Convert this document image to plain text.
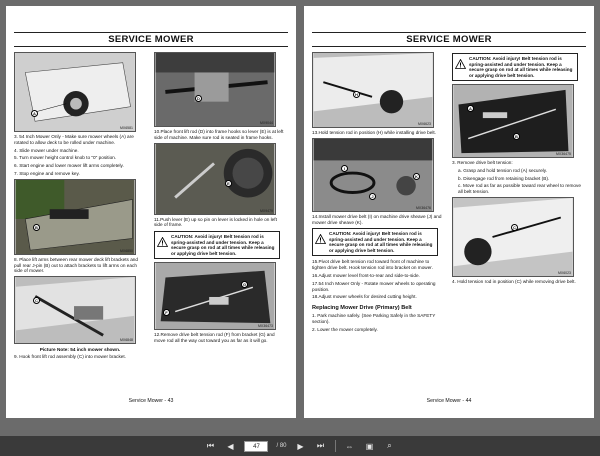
SERVICE MOWER
A
MX6581

3. 54 Inch Mower Only - Make sure mower wheels (A) are rotated to allow deck to be rolled under machine.

4. Slide mower under machine.

5. Turn mower height control knob to "0" position.

6. Start engine and lower mower lift arms completely.

7. Stop engine and remove key.

B
MX6850

8. Place lift arms between rear mower deck lift brackets and pull rear J-pin (B) out to attach brackets to lift arms on each side of mower.

C
MX6848

Picture Note: 54 inch mower shown.

9. Hook front lift rod assembly (C) into mower bracket.

D
MX9044

10.Place front lift rod (D) into frame hooks so lever (E) is at left side of machine. Make sure rod is seated in frame hooks.

E
MX9479

11.Push lever (E) up so pin on lever is locked in hole on left side of frame.

CAUTION: Avoid injury! Belt tension rod is spring-assisted and under tension. Keep a secure grasp on rod at all times while releasing or applying drive belt tension.
F
G
MX36473

12.Remove drive belt tension rod (F) from bracket (G) and move rod all the way out toward you as far as it will go.

Service Mower - 43
SERVICE MOWER
H
MX6623

13.Hold tension rod in position (H) while installing drive belt.

I
J
K
MX36476

14.Install mower drive belt (I) on machine drive sheave (J) and mower drive sheave (K).

CAUTION: Avoid injury! Belt tension rod is spring-assisted and under tension. Keep a secure grasp on rod at all times while releasing or applying drive belt tension.

15.Pivot drive belt tension rod toward front of machine to tighten drive belt. Hook tension rod into bracket on mower.

16.Adjust mower level front-to-rear and side-to-side.

17.54 Inch Mower Only - Rotate mower wheels to operating position.

18.Adjust mower wheels for desired cutting height.

Replacing Mower Drive (Primary) Belt

1. Park machine safely. (See Parking Safely in the SAFETY section).

2. Lower the mower completely.

CAUTION: Avoid injury! Belt tension rod is spring-assisted and under tension. Keep a secure grasp on rod at all times while releasing or applying drive belt tension.
A
B
MX36475

3. Remove drive belt tension:

a. Grasp and hold tension rod (A) securely.

b. Disengage rod from retaining bracket (B).

c. Move rod as far as possible toward rear wheel to remove all belt tension.

C
MX6023

4. Hold tension rod in position (C) while removing drive belt.

Service Mower - 44
⏮	◀	47	/ 80	▶	⏭	⇔ ▣	⌕
